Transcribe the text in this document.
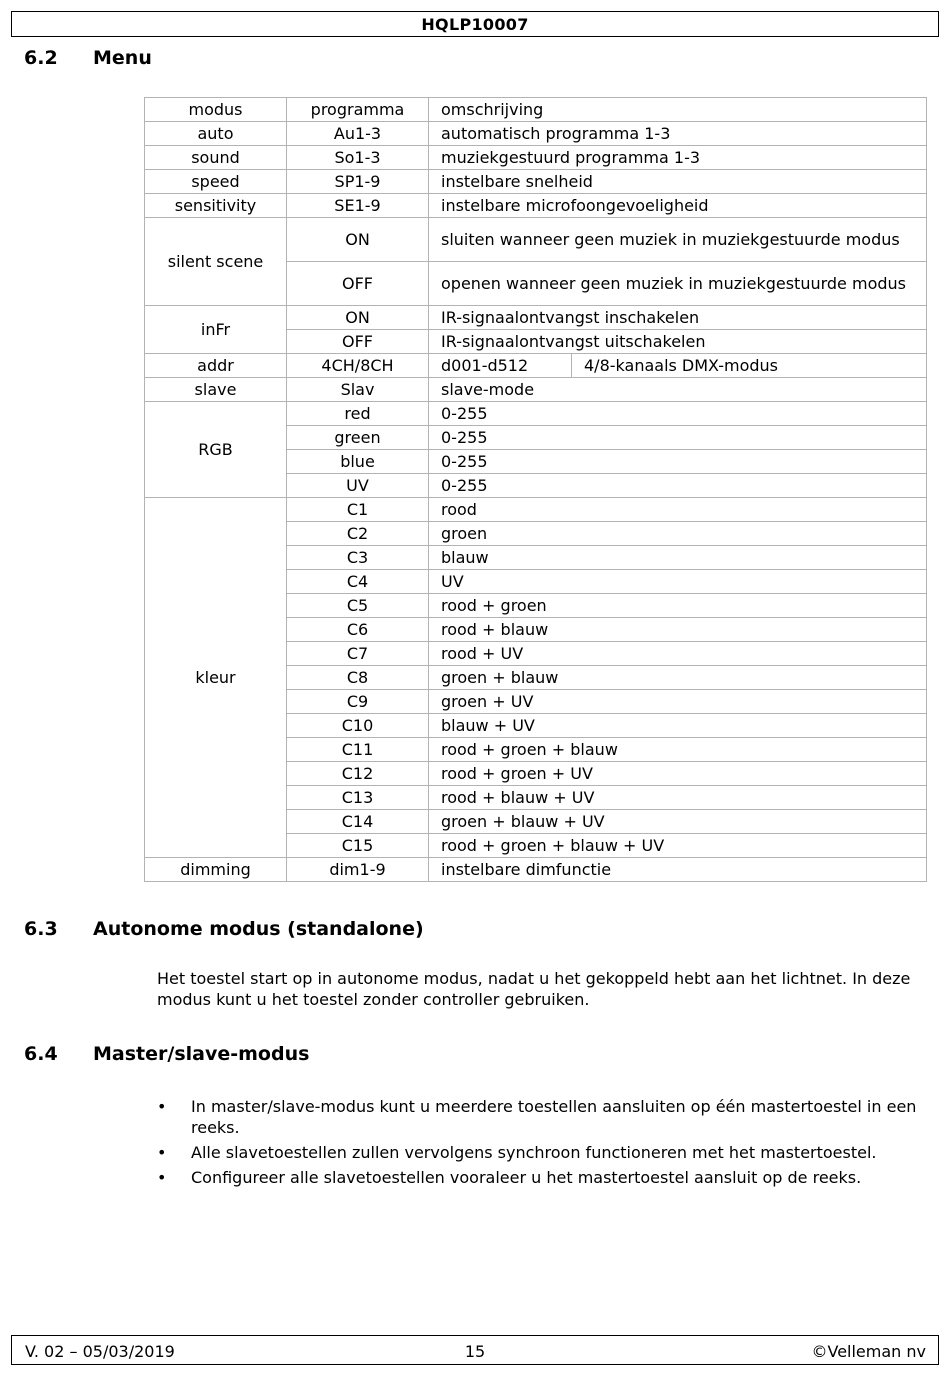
HQLP10007
6.2 Menu
modus	programma	omschrijving	
auto	Au1-3	automatisch programma 1-3	
sound	So1-3	muziekgestuurd programma 1-3	
speed	SP1-9	instelbare snelheid	
sensitivity	SE1-9	instelbare microfoongevoeligheid	
silent scene	ON	sluiten wanneer geen muziek in muziekgestuurde modus	
	OFF	openen wanneer geen muziek in muziekgestuurde modus	
inFr	ON	IR-signaalontvangst inschakelen	
	OFF	IR-signaalontvangst uitschakelen	
addr	4CH/8CH	d001-d512	4/8-kanaals DMX-modus
slave	Slav	slave-mode	
RGB	red	0-255	
	green	0-255	
	blue	0-255	
	UV	0-255	
kleur	C1	rood	
	C2	groen	
	C3	blauw	
	C4	UV	
	C5	rood + groen	
	C6	rood + blauw	
	C7	rood + UV	
	C8	groen + blauw	
	C9	groen + UV	
	C10	blauw + UV	
	C11	rood + groen + blauw	
	C12	rood + groen + UV	
	C13	rood + blauw + UV	
	C14	groen + blauw + UV	
	C15	rood + groen + blauw + UV	
dimming	dim1-9	instelbare dimfunctie	
6.3 Autonome modus (standalone)
Het toestel start op in autonome modus, nadat u het gekoppeld hebt aan het lichtnet. In deze modus kunt u het toestel zonder controller gebruiken.
6.4 Master/slave-modus
• In master/slave-modus kunt u meerdere toestellen aansluiten op één mastertoestel in een reeks.
• Alle slavetoestellen zullen vervolgens synchroon functioneren met het mastertoestel.
• Configureer alle slavetoestellen vooraleer u het mastertoestel aansluit op de reeks.
V. 02 – 05/03/2019	15	©Velleman nv
